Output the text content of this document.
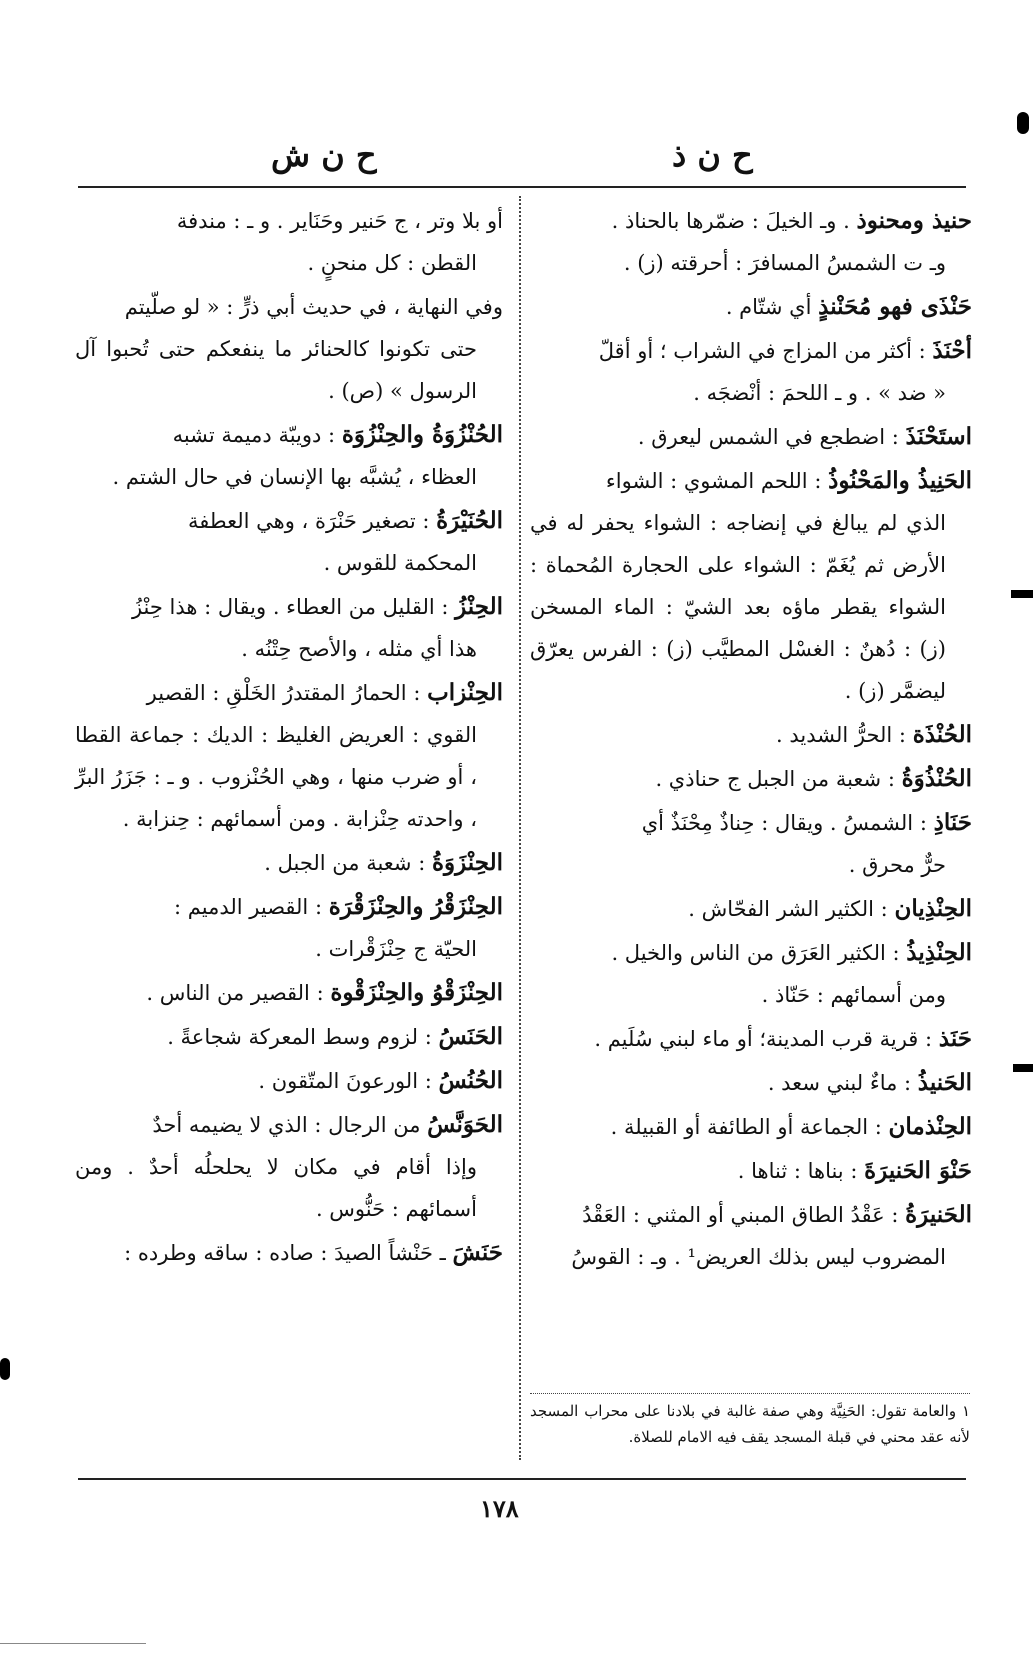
ح ن ذ
ح ن ش
حنيذ ومحنوذ . وـ الخيلَ : ضمّرها بالحناذ .
وـ ت الشمسُ المسافرَ : أحرقته (ز) .
حَنْذَى فهو مُحَنْنذٍ أي شتّام .
أحْنَذَ : أكثر من المزاج في الشراب ؛ أو أقلّ
« ضد » . و ـ اللحمَ : أنْضجَه .
استَحْنَذَ : اضطجع في الشمس ليعرق .
الحَنِيذُ والمَحْنُوذُ : اللحم المشوي : الشواء
الذي لم يبالغ في إنضاجه : الشواء يحفر له في الأرض ثم يُغَمّ : الشواء على الحجارة المُحماة : الشواء يقطر ماؤه بعد الشيّ : الماء المسخن (ز) : دُهنٌ : الغسْل المطيَّب (ز) : الفرس يعرّق ليضمَّر (ز) .
الحُنْذَة : الحرُّ الشديد .
الحُنْذُوَةُ : شعبة من الجبل ج حناذي .
حَنَاذِ : الشمسُ . ويقال : حِناذٌ مِحْنَذٌ أي
حرٌّ محرق .
الحِنْذِيان : الكثير الشر الفحّاش .
الحِنْذِيذُ : الكثير العَرَق من الناس والخيل .
ومن أسمائهم : حَنّاذ .
حَنَذ : قرية قرب المدينة؛ أو ماء لبني سُلَيم .
الحَنيذُ : ماءٌ لبني سعد .
الحِنْذمان : الجماعة أو الطائفة أو القبيلة .
حَنْوَ الحَنيرَةَ : بناها : ثناها .
الحَنيرَةُ : عَقْدُ الطاق المبني أو المثني : العَقْدُ
المضروب ليس بذلك العريض¹ . وـ : القوسُ
أو بلا وتر ، ج حَنير وحَنَاير . و ـ : مندفة
القطن : كل منحنٍ .
وفي النهاية ، في حديث أبي ذرٍّ : « لو صلّيتم
حتى تكونوا كالحنائر ما ينفعكم حتى تُحبوا آل الرسول » (ص) .
الحُنْزُوَةُ والحِنْزُوَة : دويبّة دميمة تشبه
العظاء ، يُشبَّه بها الإنسان في حال الشتم .
الحُنَيْرَةُ : تصغير حَنْرَة ، وهي العطفة
المحكمة للقوس .
الحِنْزُ : القليل من العطاء . ويقال : هذا حِنْزُ
هذا أي مثله ، والأصح حِتْنُه .
الحِنْزاب : الحمارُ المقتدرُ الخَلْقِ : القصير
القوي : العريض الغليظ : الديك : جماعة القطا ، أو ضرب منها ، وهي الحُنْزوب . و ـ : جَزَرُ البرِّ ، واحدته حِنْزابة . ومن أسمائهم : حِنزابة .
الحِنْزَوَةُ : شعبة من الجبل .
الحِنْزَقْرُ والحِنْزَقْرَة : القصير الدميم :
الحيّة ج حِنْزَقْرات .
الحِنْزَقْوُ والحِنْزَقْوة : القصير من الناس .
الحَنَسُ : لزوم وسط المعركة شجاعةً .
الحُنُسُ : الورعونَ المتّقون .
الحَوَنَّسُ من الرجال : الذي لا يضيمه أحدٌ
وإذا أقام في مكان لا يحلحلُه أحدٌ . ومن أسمائهم : حَنُّوس .
حَنَشَ ـ حَنْشاً الصيدَ : صاده : ساقه وطرده :
١ والعامة تقول: الحَنِيَّة وهي صفة غالبة في بلادنا على محراب المسجد لأنه عقد محني في قبلة المسجد يقف فيه الامام للصلاة.
١٧٨
